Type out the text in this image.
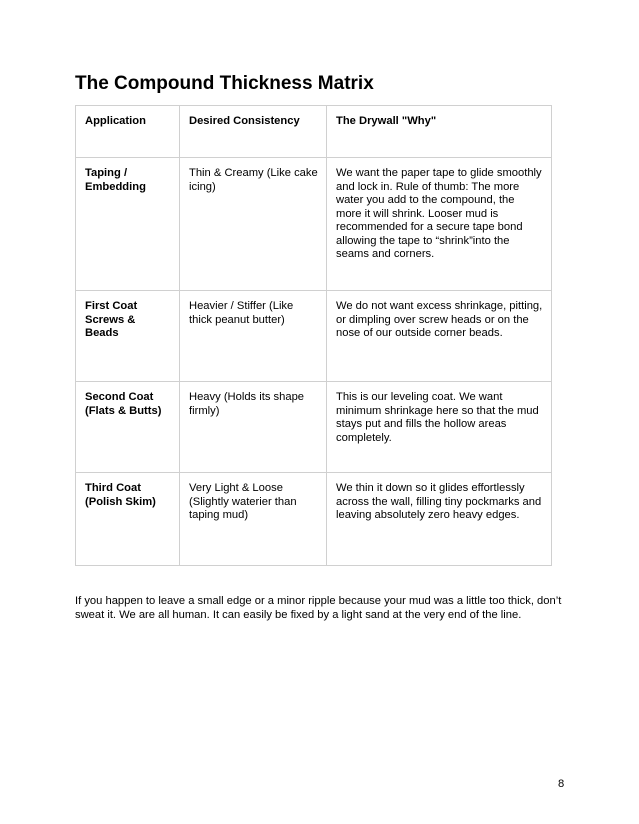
The Compound Thickness Matrix
Application	Desired Consistency	The Drywall "Why"
Taping / Embedding	Thin & Creamy (Like cake icing)	We want the paper tape to glide smoothly and lock in. Rule of thumb: The more water you add to the compound, the more it will shrink. Looser mud is recommended for a secure tape bond allowing the tape to “shrink”into the seams and corners.
First Coat Screws & Beads	Heavier / Stiffer (Like thick peanut butter)	We do not want excess shrinkage, pitting, or dimpling over screw heads or on the nose of our outside corner beads.
Second Coat (Flats & Butts)	Heavy (Holds its shape firmly)	This is our leveling coat. We want minimum shrinkage here so that the mud stays put and fills the hollow areas completely.
Third Coat (Polish Skim)	Very Light & Loose (Slightly waterier than taping mud)	We thin it down so it glides effortlessly across the wall, filling tiny pockmarks and leaving absolutely zero heavy edges.

If you happen to leave a small edge or a minor ripple because your mud was a little too thick, don’t sweat it. We are all human. It can easily be fixed by a light sand at the very end of the line.

8
